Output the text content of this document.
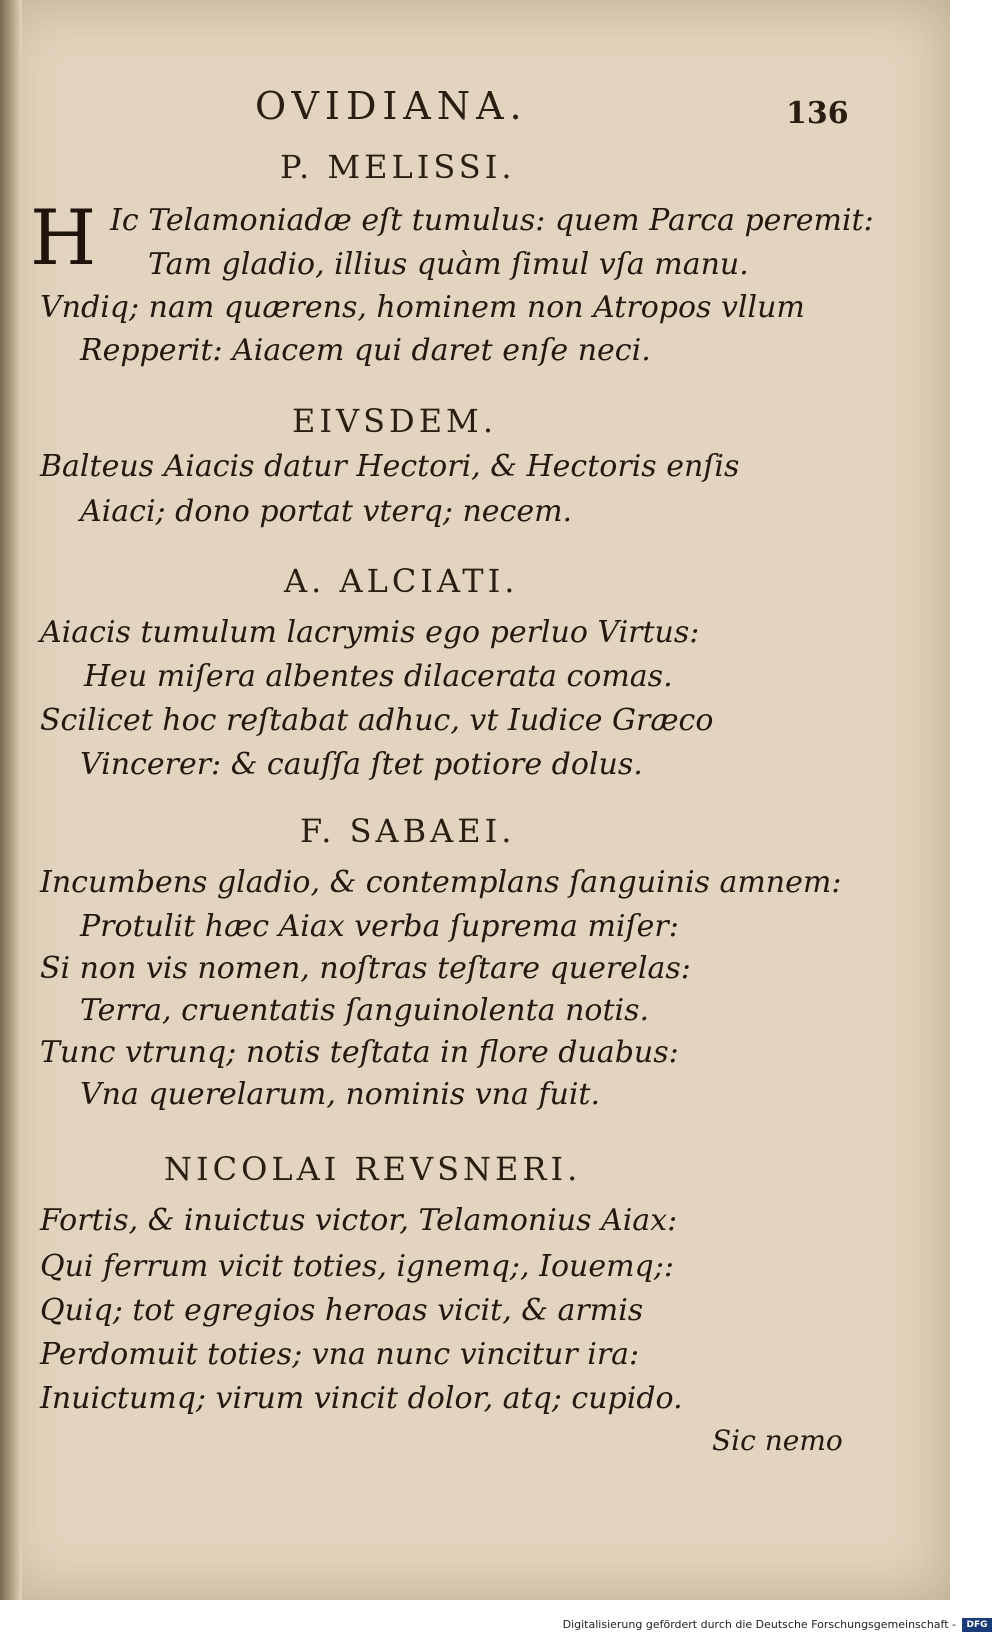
OVIDIANA.	136
P. MELISSI.
H Ic Telamoniadæ eſt tumulus: quem Parca peremit:
Tam gladio, illius quàm ſimul vſa manu.
Vndiq; nam quærens, hominem non Atropos vllum
Repperit: Aiacem qui daret enſe neci.
EIVSDEM.
Balteus Aiacis datur Hectori, & Hectoris enſis
Aiaci; dono portat vterq; necem.
A. ALCIATI.
Aiacis tumulum lacrymis ego perluo Virtus:
Heu miſera albentes dilacerata comas.
Scilicet hoc reſtabat adhuc, vt Iudice Græco
Vincerer: & cauſſa ſtet potiore dolus.
F. SABAEI.
Incumbens gladio, & contemplans ſanguinis amnem:
Protulit hæc Aiax verba ſuprema miſer:
Si non vis nomen, noſtras teſtare querelas:
Terra, cruentatis ſanguinolenta notis.
Tunc vtrunq; notis teſtata in flore duabus:
Vna querelarum, nominis vna fuit.
NICOLAI REVSNERI.
Fortis, & inuictus victor, Telamonius Aiax:
Qui ferrum vicit toties, ignemq;, Iouemq;:
Quiq; tot egregios heroas vicit, & armis
Perdomuit toties; vna nunc vincitur ira:
Inuictumq; virum vincit dolor, atq; cupido.
Sic nemo
Digitalisierung gefördert durch die Deutsche Forschungsgemeinschaft -	DFG
